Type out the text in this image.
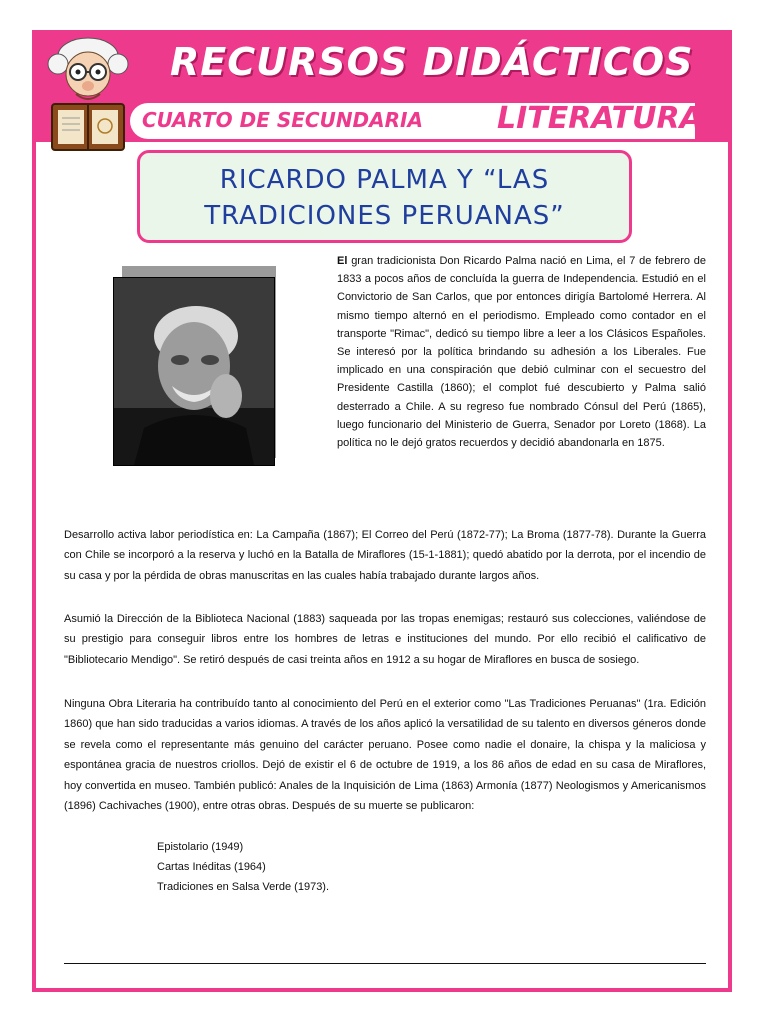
RECURSOS DIDÁCTICOS
CUARTO DE SECUNDARIA LITERATURA
RICARDO PALMA Y “LAS
TRADICIONES PERUANAS”

El gran tradicionista Don Ricardo Palma nació en Lima, el 7 de febrero de 1833 a pocos años de concluída la guerra de Independencia. Estudió en el Convictorio de San Carlos, que por entonces dirigía Bartolomé Herrera. Al mismo tiempo alternó en el periodismo. Empleado como contador en el transporte "Rimac", dedicó su tiempo libre a leer a los Clásicos Españoles. Se interesó por la política brindando su adhesión a los Liberales. Fue implicado en una conspiración que debió culminar con el secuestro del Presidente Castilla (1860); el complot fué descubierto y Palma salió desterrado a Chile. A su regreso fue nombrado Cónsul del Perú (1865), luego funcionario del Ministerio de Guerra, Senador por Loreto (1868). La política no le dejó gratos recuerdos y decidió abandonarla en 1875.

Desarrollo activa labor periodística en: La Campaña (1867); El Correo del Perú (1872-77); La Broma (1877-78). Durante la Guerra con Chile se incorporó a la reserva y luchó en la Batalla de Miraflores (15-1-1881); quedó abatido por la derrota, por el incendio de su casa y por la pérdida de obras manuscritas en las cuales había trabajado durante largos años.

Asumió la Dirección de la Biblioteca Nacional (1883) saqueada por las tropas enemigas; restauró sus colecciones, valiéndose de su prestigio para conseguir libros entre los hombres de letras e instituciones del mundo. Por ello recibió el calificativo de "Bibliotecario Mendigo". Se retiró después de casi treinta años en 1912 a su hogar de Miraflores en busca de sosiego.

Ninguna Obra Literaria ha contribuído tanto al conocimiento del Perú en el exterior como "Las Tradiciones Peruanas" (1ra. Edición 1860) que han sido traducidas a varios idiomas. A través de los años aplicó la versatilidad de su talento en diversos géneros donde se revela como el representante más genuino del carácter peruano. Posee como nadie el donaire, la chispa y la maliciosa y espontánea gracia de nuestros criollos. Dejó de existir el 6 de octubre de 1919, a los 86 años de edad en su casa de Miraflores, hoy convertida en museo. También publicó: Anales de la Inquisición de Lima (1863) Armonía (1877) Neologismos y Americanismos (1896) Cachivaches (1900), entre otras obras. Después de su muerte se publicaron:

Epistolario (1949)
Cartas Inéditas (1964)
Tradiciones en Salsa Verde (1973).
